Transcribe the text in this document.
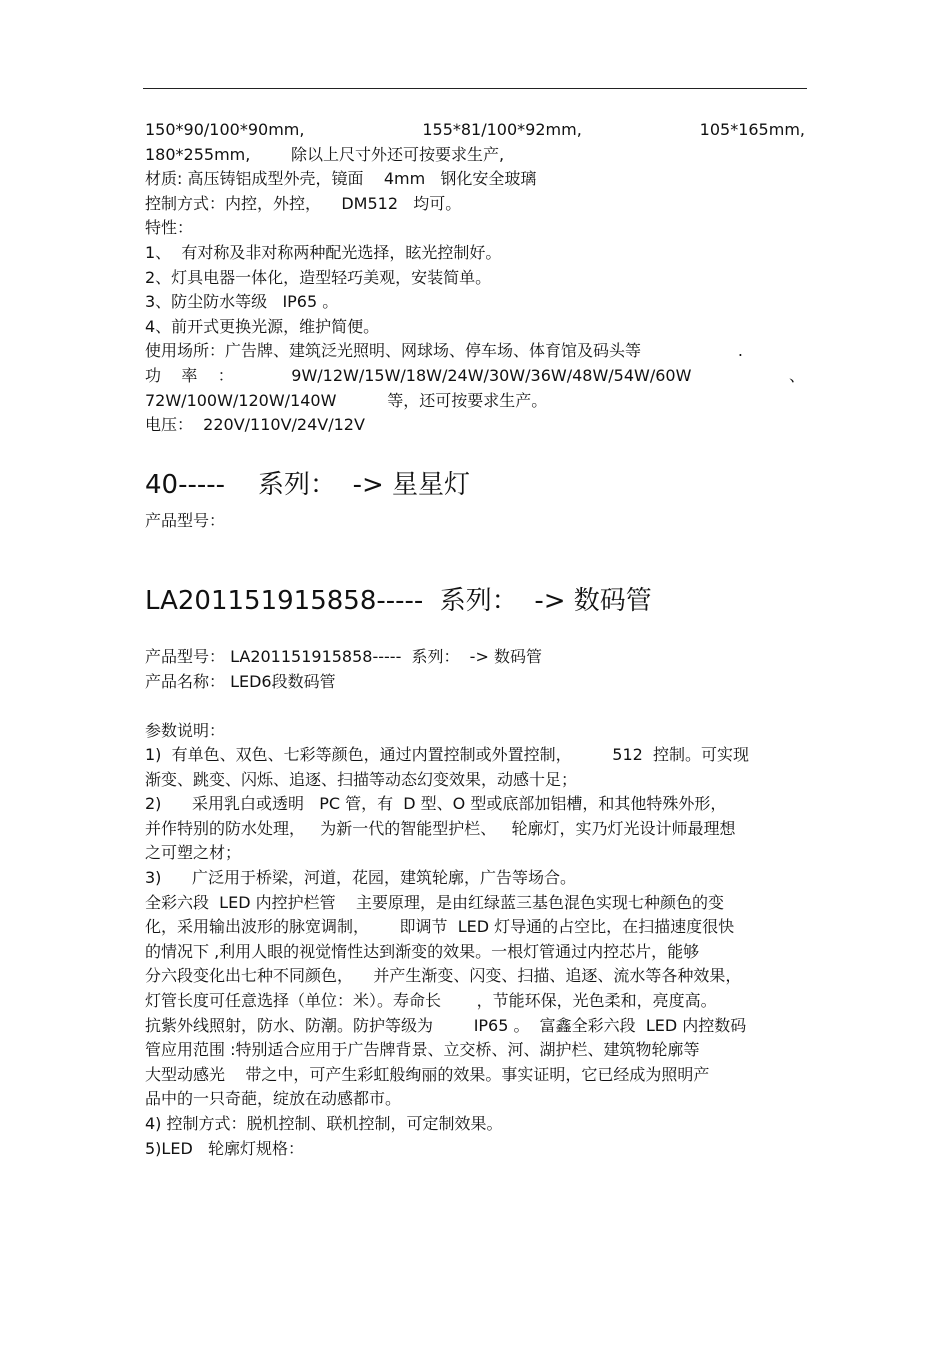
150*90/100*90mm,	155*81/100*92mm,	105*165mm,

180*255mm,        除以上尺寸外还可按要求生产,

材质: 高压铸铝成型外壳，镜面    4mm   钢化安全玻璃

控制方式：内控，外控，    DM512   均可。

特性：

1、  有对称及非对称两种配光选择，眩光控制好。

2、灯具电器一体化，造型轻巧美观，安装简单。

3、防尘防水等级   IP65 。

4、前开式更换光源，维护简便。

使用场所：广告牌、建筑泛光照明、网球场、停车场、体育馆及码头等	.
功    率    ：	9W/12W/15W/18W/24W/30W/36W/48W/54W/60W	、

72W/100W/120W/140W          等，还可按要求生产。

电压：  220V/110V/24V/12V

40-----    系列：  -> 星星灯

产品型号：

LA201151915858-----  系列：  -> 数码管

产品型号： LA201151915858-----  系列：  -> 数码管

产品名称： LED6段数码管

参数说明：

1)  有单色、双色、七彩等颜色，通过内置控制或外置控制，        512  控制。可实现

渐变、跳变、闪烁、追逐、扫描等动态幻变效果，动感十足；

2)      采用乳白或透明   PC 管，有  D 型、O 型或底部加铝槽，和其他特殊外形，

并作特别的防水处理，   为新一代的智能型护栏、   轮廓灯，实乃灯光设计师最理想

之可塑之材；

3)      广泛用于桥梁，河道，花园，建筑轮廓，广告等场合。

全彩六段  LED 内控护栏管    主要原理，是由红绿蓝三基色混色实现七种颜色的变

化，采用输出波形的脉宽调制，      即调节  LED 灯导通的占空比，在扫描速度很快

的情况下 ,利用人眼的视觉惰性达到渐变的效果。一根灯管通过内控芯片，能够

分六段变化出七种不同颜色，    并产生渐变、闪变、扫描、追逐、流水等各种效果，

灯管长度可任意选择（单位：米）。寿命长       ，节能环保，光色柔和，亮度高。

抗紫外线照射，防水、防潮。防护等级为        IP65 。  富鑫全彩六段  LED 内控数码

管应用范围 :特别适合应用于广告牌背景、立交桥、河、湖护栏、建筑物轮廓等

大型动感光    带之中，可产生彩虹般绚丽的效果。事实证明，它已经成为照明产

品中的一只奇葩，绽放在动感都市。

4) 控制方式：脱机控制、联机控制，可定制效果。

5)LED   轮廓灯规格：
